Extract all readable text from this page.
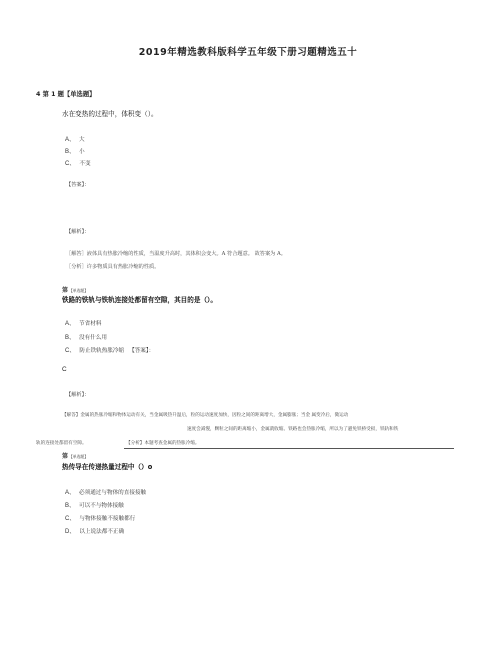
2019年精选教科版科学五年级下册习题精选五十
4 第 1 题【单选题】
水在变热的过程中，体积变（）。
A、 大
B、 小
C、 不变
【答案】：
【解析】：
［解答］液体具有热胀冷缩的性质，当温度升高时，其体积会变大。A 符合题意。 故答案为 A。
［分析］许多物质具有热胀冷缩的性质。
第【单选题】
铁路的铁轨与铁轨连接处都留有空隙，其目的是（）。
A、 节省材料
B、 没有什么用
C、 防止铁轨热胀冷缩 【答案】：
C
【解析】：
【解答】金属的热胀冷缩和物体运动有关，当金属吸热升温后，粒的运动速度加快，因粒之间的距离增大，金属膨胀；当金 属变冷后，微运动
速度会减慢，颗粒之间的距离缩小，金属就收缩。铁路也会热胀冷缩，所以为了避免铁桥受损，铁轨和铁
轨的连接处都留有空隙。	【分析】本题考查金属的热胀冷缩。
第【单选题】
热传导在传递热量过程中（）o
A、 必须通过与物体的直接接触
B、 可以不与物体接触
C、 与物体接触不接触都行
D、 以上说法都不正确
